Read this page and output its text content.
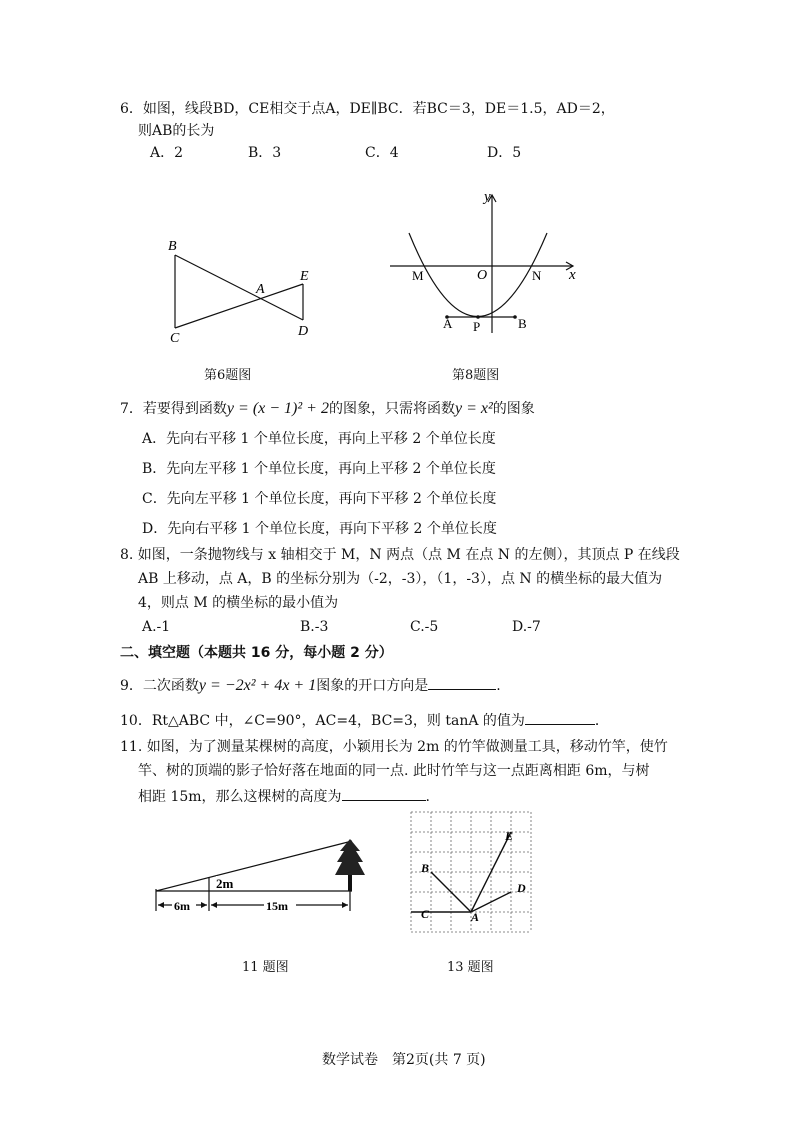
6．如图，线段BD，CE相交于点A，DE∥BC．若BC＝3，DE＝1.5，AD＝2，
则AB的长为
A．2	B．3	C．4	D．5
B
A
E
C	D
第6题图
y
x
M	O	N
A P	B
第8题图
7．若要得到函数y = (x − 1)² + 2的图象，只需将函数y = x²的图象
A．先向右平移 1 个单位长度，再向上平移 2 个单位长度
B．先向左平移 1 个单位长度，再向上平移 2 个单位长度
C．先向左平移 1 个单位长度，再向下平移 2 个单位长度
D．先向右平移 1 个单位长度，再向下平移 2 个单位长度
8. 如图，一条抛物线与 x 轴相交于 M，N 两点（点 M 在点 N 的左侧），其顶点 P 在线段
AB 上移动，点 A，B 的坐标分别为（-2，-3），（1，-3），点 N 的横坐标的最大值为
4，则点 M 的横坐标的最小值为
A.-1	B.-3	C.-5	D.-7
二、填空题（本题共 16 分，每小题 2 分）
9．二次函数y = −2x² + 4x + 1图象的开口方向是	.
10．Rt△ABC 中，∠C=90°，AC=4，BC=3，则 tanA 的值为	．
11. 如图，为了测量某棵树的高度，小颖用长为 2m 的竹竿做测量工具，移动竹竿，使竹
竿、树的顶端的影子恰好落在地面的同一点. 此时竹竿与这一点距离相距 6m，与树
相距 15m，那么这棵树的高度为	.
2m
6m	15m
11 题图
E
B
D
C	A
13 题图
数学试卷　第2页(共 7 页)
